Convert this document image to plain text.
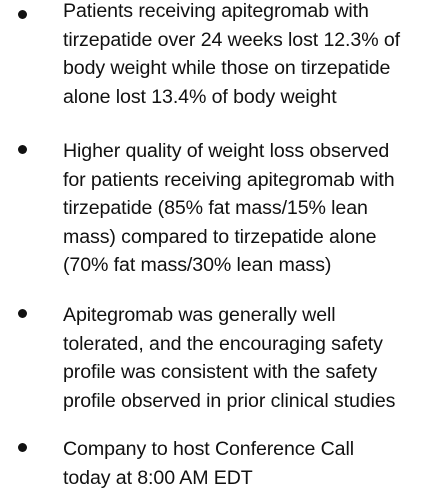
Patients receiving apitegromab with
tirzepatide over 24 weeks lost 12.3% of
body weight while those on tirzepatide
alone lost 13.4% of body weight
Higher quality of weight loss observed
for patients receiving apitegromab with
tirzepatide (85% fat mass/15% lean
mass) compared to tirzepatide alone
(70% fat mass/30% lean mass)
Apitegromab was generally well
tolerated, and the encouraging safety
profile was consistent with the safety
profile observed in prior clinical studies
Company to host Conference Call
today at 8:00 AM EDT
